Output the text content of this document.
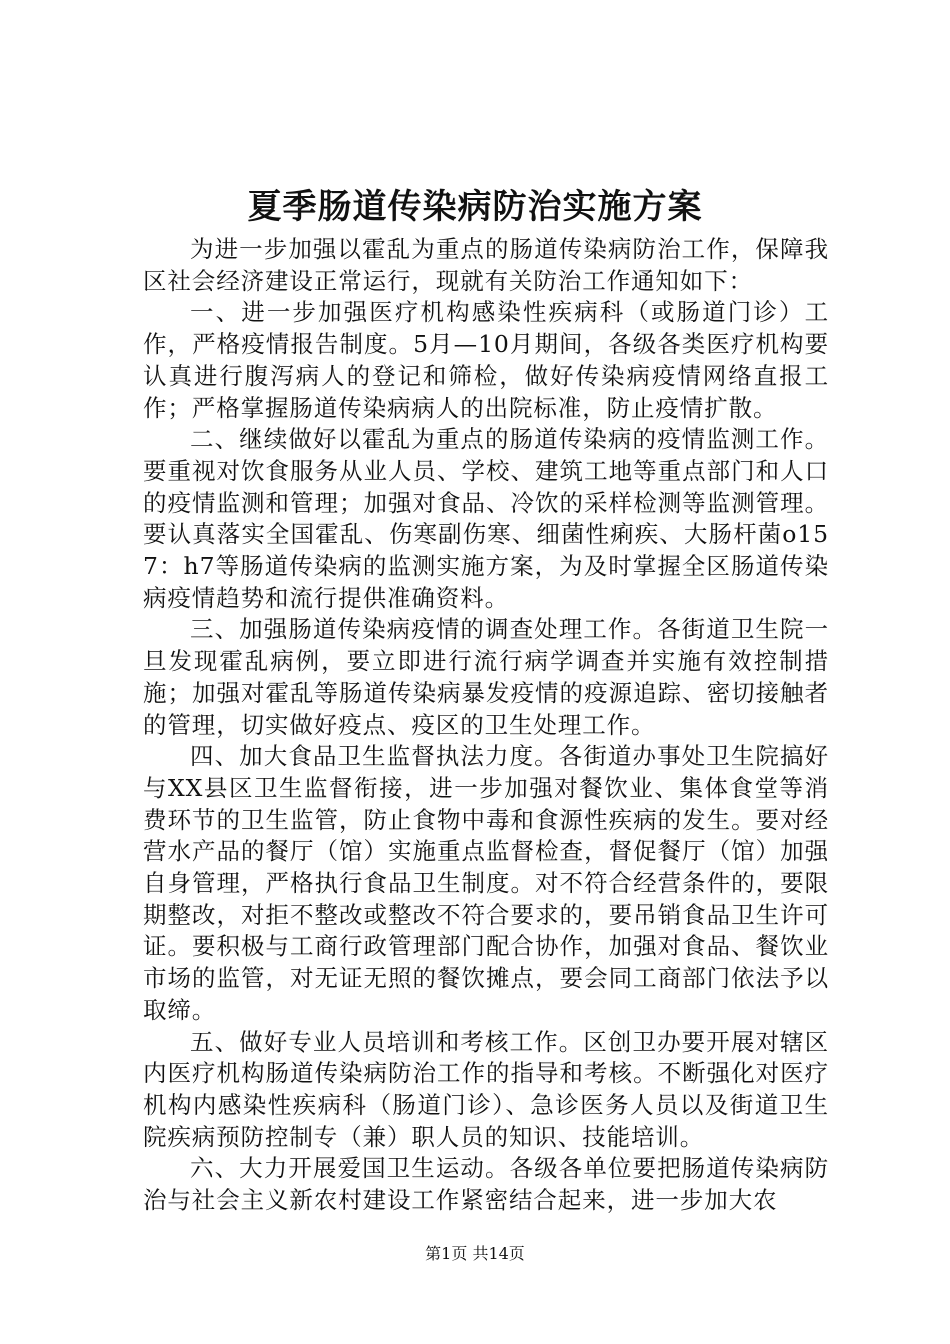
夏季肠道传染病防治实施方案

为进一步加强以霍乱为重点的肠道传染病防治工作，保障我区社会经济建设正常运行，现就有关防治工作通知如下：

一、进一步加强医疗机构感染性疾病科（或肠道门诊）工作，严格疫情报告制度。5月—10月期间，各级各类医疗机构要认真进行腹泻病人的登记和筛检，做好传染病疫情网络直报工作；严格掌握肠道传染病病人的出院标准，防止疫情扩散。

二、继续做好以霍乱为重点的肠道传染病的疫情监测工作。要重视对饮食服务从业人员、学校、建筑工地等重点部门和人口的疫情监测和管理；加强对食品、冷饮的采样检测等监测管理。要认真落实全国霍乱、伤寒副伤寒、细菌性痢疾、大肠杆菌o157：h7等肠道传染病的监测实施方案，为及时掌握全区肠道传染病疫情趋势和流行提供准确资料。

三、加强肠道传染病疫情的调查处理工作。各街道卫生院一旦发现霍乱病例，要立即进行流行病学调查并实施有效控制措施；加强对霍乱等肠道传染病暴发疫情的疫源追踪、密切接触者的管理，切实做好疫点、疫区的卫生处理工作。

四、加大食品卫生监督执法力度。各街道办事处卫生院搞好与XX县区卫生监督衔接，进一步加强对餐饮业、集体食堂等消费环节的卫生监管，防止食物中毒和食源性疾病的发生。要对经营水产品的餐厅（馆）实施重点监督检查，督促餐厅（馆）加强自身管理，严格执行食品卫生制度。对不符合经营条件的，要限期整改，对拒不整改或整改不符合要求的，要吊销食品卫生许可证。要积极与工商行政管理部门配合协作，加强对食品、餐饮业市场的监管，对无证无照的餐饮摊点，要会同工商部门依法予以取缔。

五、做好专业人员培训和考核工作。区创卫办要开展对辖区内医疗机构肠道传染病防治工作的指导和考核。不断强化对医疗机构内感染性疾病科（肠道门诊）、急诊医务人员以及街道卫生院疾病预防控制专（兼）职人员的知识、技能培训。

六、大力开展爱国卫生运动。各级各单位要把肠道传染病防治与社会主义新农村建设工作紧密结合起来，进一步加大农

第1页 共14页
